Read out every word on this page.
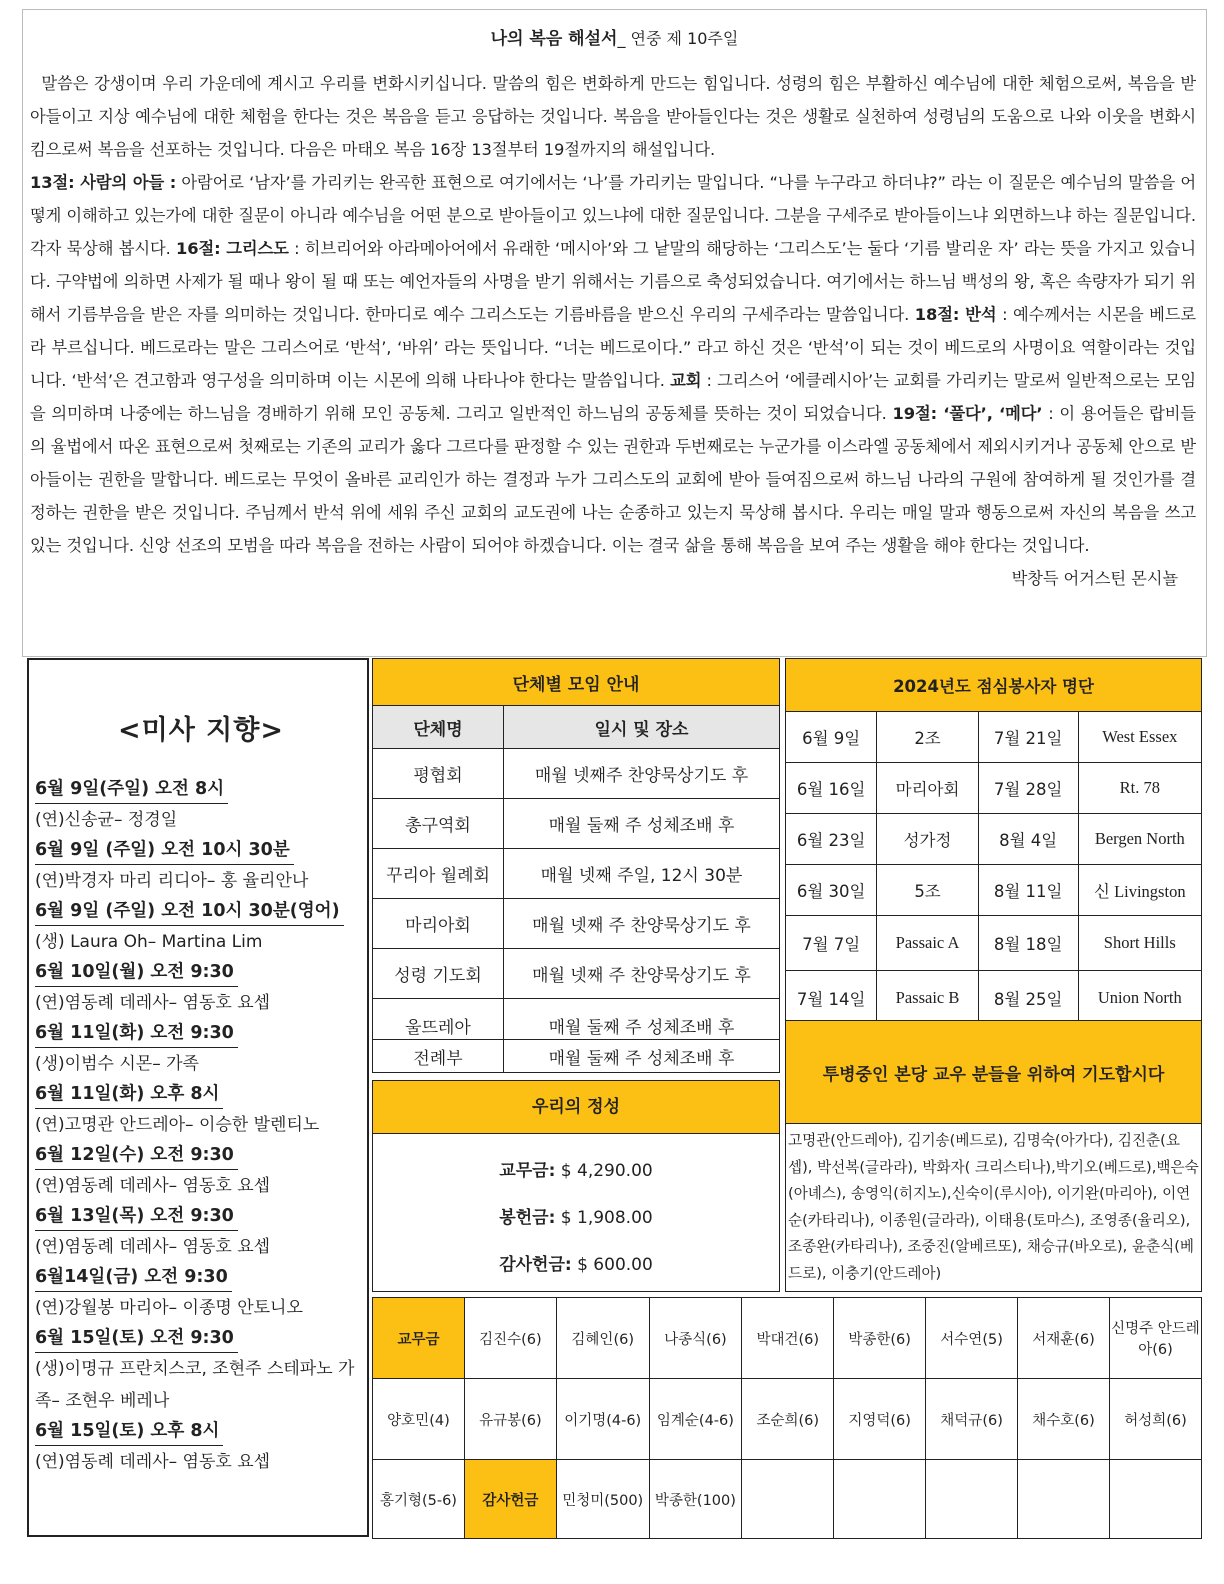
나의 복음 해설서_ 연중 제 10주일

말씀은 강생이며 우리 가운데에 계시고 우리를 변화시키십니다. 말씀의 힘은 변화하게 만드는 힘입니다. 성령의 힘은 부활하신 예수님에 대한 체험으로써, 복음을 받아들이고 지상 예수님에 대한 체험을 한다는 것은 복음을 듣고 응답하는 것입니다. 복음을 받아들인다는 것은 생활로 실천하여 성령님의 도움으로 나와 이웃을 변화시킴으로써 복음을 선포하는 것입니다. 다음은 마태오 복음 16장 13절부터 19절까지의 해설입니다.

13절: 사람의 아들 : 아람어로 ‘남자’를 가리키는 완곡한 표현으로 여기에서는 ‘나’를 가리키는 말입니다. “나를 누구라고 하더냐?” 라는 이 질문은 예수님의 말씀을 어떻게 이해하고 있는가에 대한 질문이 아니라 예수님을 어떤 분으로 받아들이고 있느냐에 대한 질문입니다. 그분을 구세주로 받아들이느냐 외면하느냐 하는 질문입니다. 각자 묵상해 봅시다. 16절: 그리스도 : 히브리어와 아라메아어에서 유래한 ‘메시아’와 그 낱말의 해당하는 ‘그리스도’는 둘다 ‘기름 발리운 자’ 라는 뜻을 가지고 있습니다. 구약법에 의하면 사제가 될 때나 왕이 될 때 또는 예언자들의 사명을 받기 위해서는 기름으로 축성되었습니다. 여기에서는 하느님 백성의 왕, 혹은 속량자가 되기 위해서 기름부음을 받은 자를 의미하는 것입니다. 한마디로 예수 그리스도는 기름바름을 받으신 우리의 구세주라는 말씀입니다. 18절: 반석 : 예수께서는 시몬을 베드로라 부르십니다. 베드로라는 말은 그리스어로 ‘반석’, ‘바위’ 라는 뜻입니다. “너는 베드로이다.” 라고 하신 것은 ‘반석’이 되는 것이 베드로의 사명이요 역할이라는 것입니다. ‘반석’은 견고함과 영구성을 의미하며 이는 시몬에 의해 나타나야 한다는 말씀입니다. 교회 : 그리스어 ‘에클레시아’는 교회를 가리키는 말로써 일반적으로는 모임을 의미하며 나중에는 하느님을 경배하기 위해 모인 공동체. 그리고 일반적인 하느님의 공동체를 뜻하는 것이 되었습니다. 19절: ‘풀다’, ‘메다’ : 이 용어들은 랍비들의 율법에서 따온 표현으로써 첫째로는 기존의 교리가 옳다 그르다를 판정할 수 있는 권한과 두번째로는 누군가를 이스라엘 공동체에서 제외시키거나 공동체 안으로 받아들이는 권한을 말합니다. 베드로는 무엇이 올바른 교리인가 하는 결정과 누가 그리스도의 교회에 받아 들여짐으로써 하느님 나라의 구원에 참여하게 될 것인가를 결정하는 권한을 받은 것입니다. 주님께서 반석 위에 세워 주신 교회의 교도권에 나는 순종하고 있는지 묵상해 봅시다. 우리는 매일 말과 행동으로써 자신의 복음을 쓰고 있는 것입니다. 신앙 선조의 모범을 따라 복음을 전하는 사람이 되어야 하겠습니다. 이는 결국 삶을 통해 복음을 보여 주는 생활을 해야 한다는 것입니다.
박창득 어거스틴 몬시뇰

<미사 지향>
6월 9일(주일) 오전 8시
(연)신송균– 정경일
6월 9일 (주일) 오전 10시 30분
(연)박경자 마리 리디아– 홍 율리안나
6월 9일 (주일) 오전 10시 30분(영어)
(생) Laura Oh– Martina Lim
6월 10일(월) 오전 9:30
(연)염동례 데레사– 염동호 요셉
6월 11일(화) 오전 9:30
(생)이범수 시몬– 가족
6월 11일(화) 오후 8시
(연)고명관 안드레아– 이승한 발렌티노
6월 12일(수) 오전 9:30
(연)염동례 데레사– 염동호 요셉
6월 13일(목) 오전 9:30
(연)염동례 데레사– 염동호 요셉
6월14일(금) 오전 9:30
(연)강월봉 마리아– 이종명 안토니오
6월 15일(토) 오전 9:30
(생)이명규 프란치스코, 조현주 스테파노 가족– 조현우 베레나
6월 15일(토) 오후 8시
(연)염동례 데레사– 염동호 요셉
단체별 모임 안내	
단체명	일시 및 장소
평협회	매월 넷째주 찬양묵상기도 후
총구역회	매월 둘째 주 성체조배 후
꾸리아 월례회	매월 넷째 주일, 12시 30분
마리아회	매월 넷째 주 찬양묵상기도 후
성령 기도회	매월 넷째 주 찬양묵상기도 후
울뜨레아	매월 둘째 주 성체조배 후
전례부	매월 둘째 주 성체조배 후
우리의 정성
교무금: $ 4,290.00
봉헌금: $ 1,908.00
감사헌금: $ 600.00
2024년도 점심봉사자 명단			
6월 9일	2조	7월 21일	West Essex
6월 16일	마리아회	7월 28일	Rt. 78
6월 23일	성가정	8월 4일	Bergen North
6월 30일	5조	8월 11일	신 Livingston
7월 7일	Passaic A	8월 18일	Short Hills
7월 14일	Passaic B	8월 25일	Union North
투병중인 본당 교우 분들을 위하여 기도합시다
고명관(안드레아), 김기송(베드로), 김명숙(아가다), 김진춘(요셉), 박선복(글라라), 박화자( 크리스티나),박기오(베드로),백은숙(아녜스), 송영익(히지노),신숙이(루시아), 이기완(마리아), 이연순(카타리나), 이종원(글라라), 이태용(토마스), 조영종(율리오), 조종완(카타리나), 조중진(알베르또), 채승규(바오로), 윤춘식(베드로), 이충기(안드레아)
교무금	김진수(6)	김혜인(6)	나종식(6)	박대건(6)	박종한(6)	서수연(5)	서재훈(6)	신명주 안드레아(6)
양호민(4)	유규봉(6)	이기명(4-6)	임계순(4-6)	조순희(6)	지영덕(6)	채덕규(6)	채수호(6)	허성희(6)
홍기형(5-6)	감사헌금	민청미(500)	박종한(100)					
